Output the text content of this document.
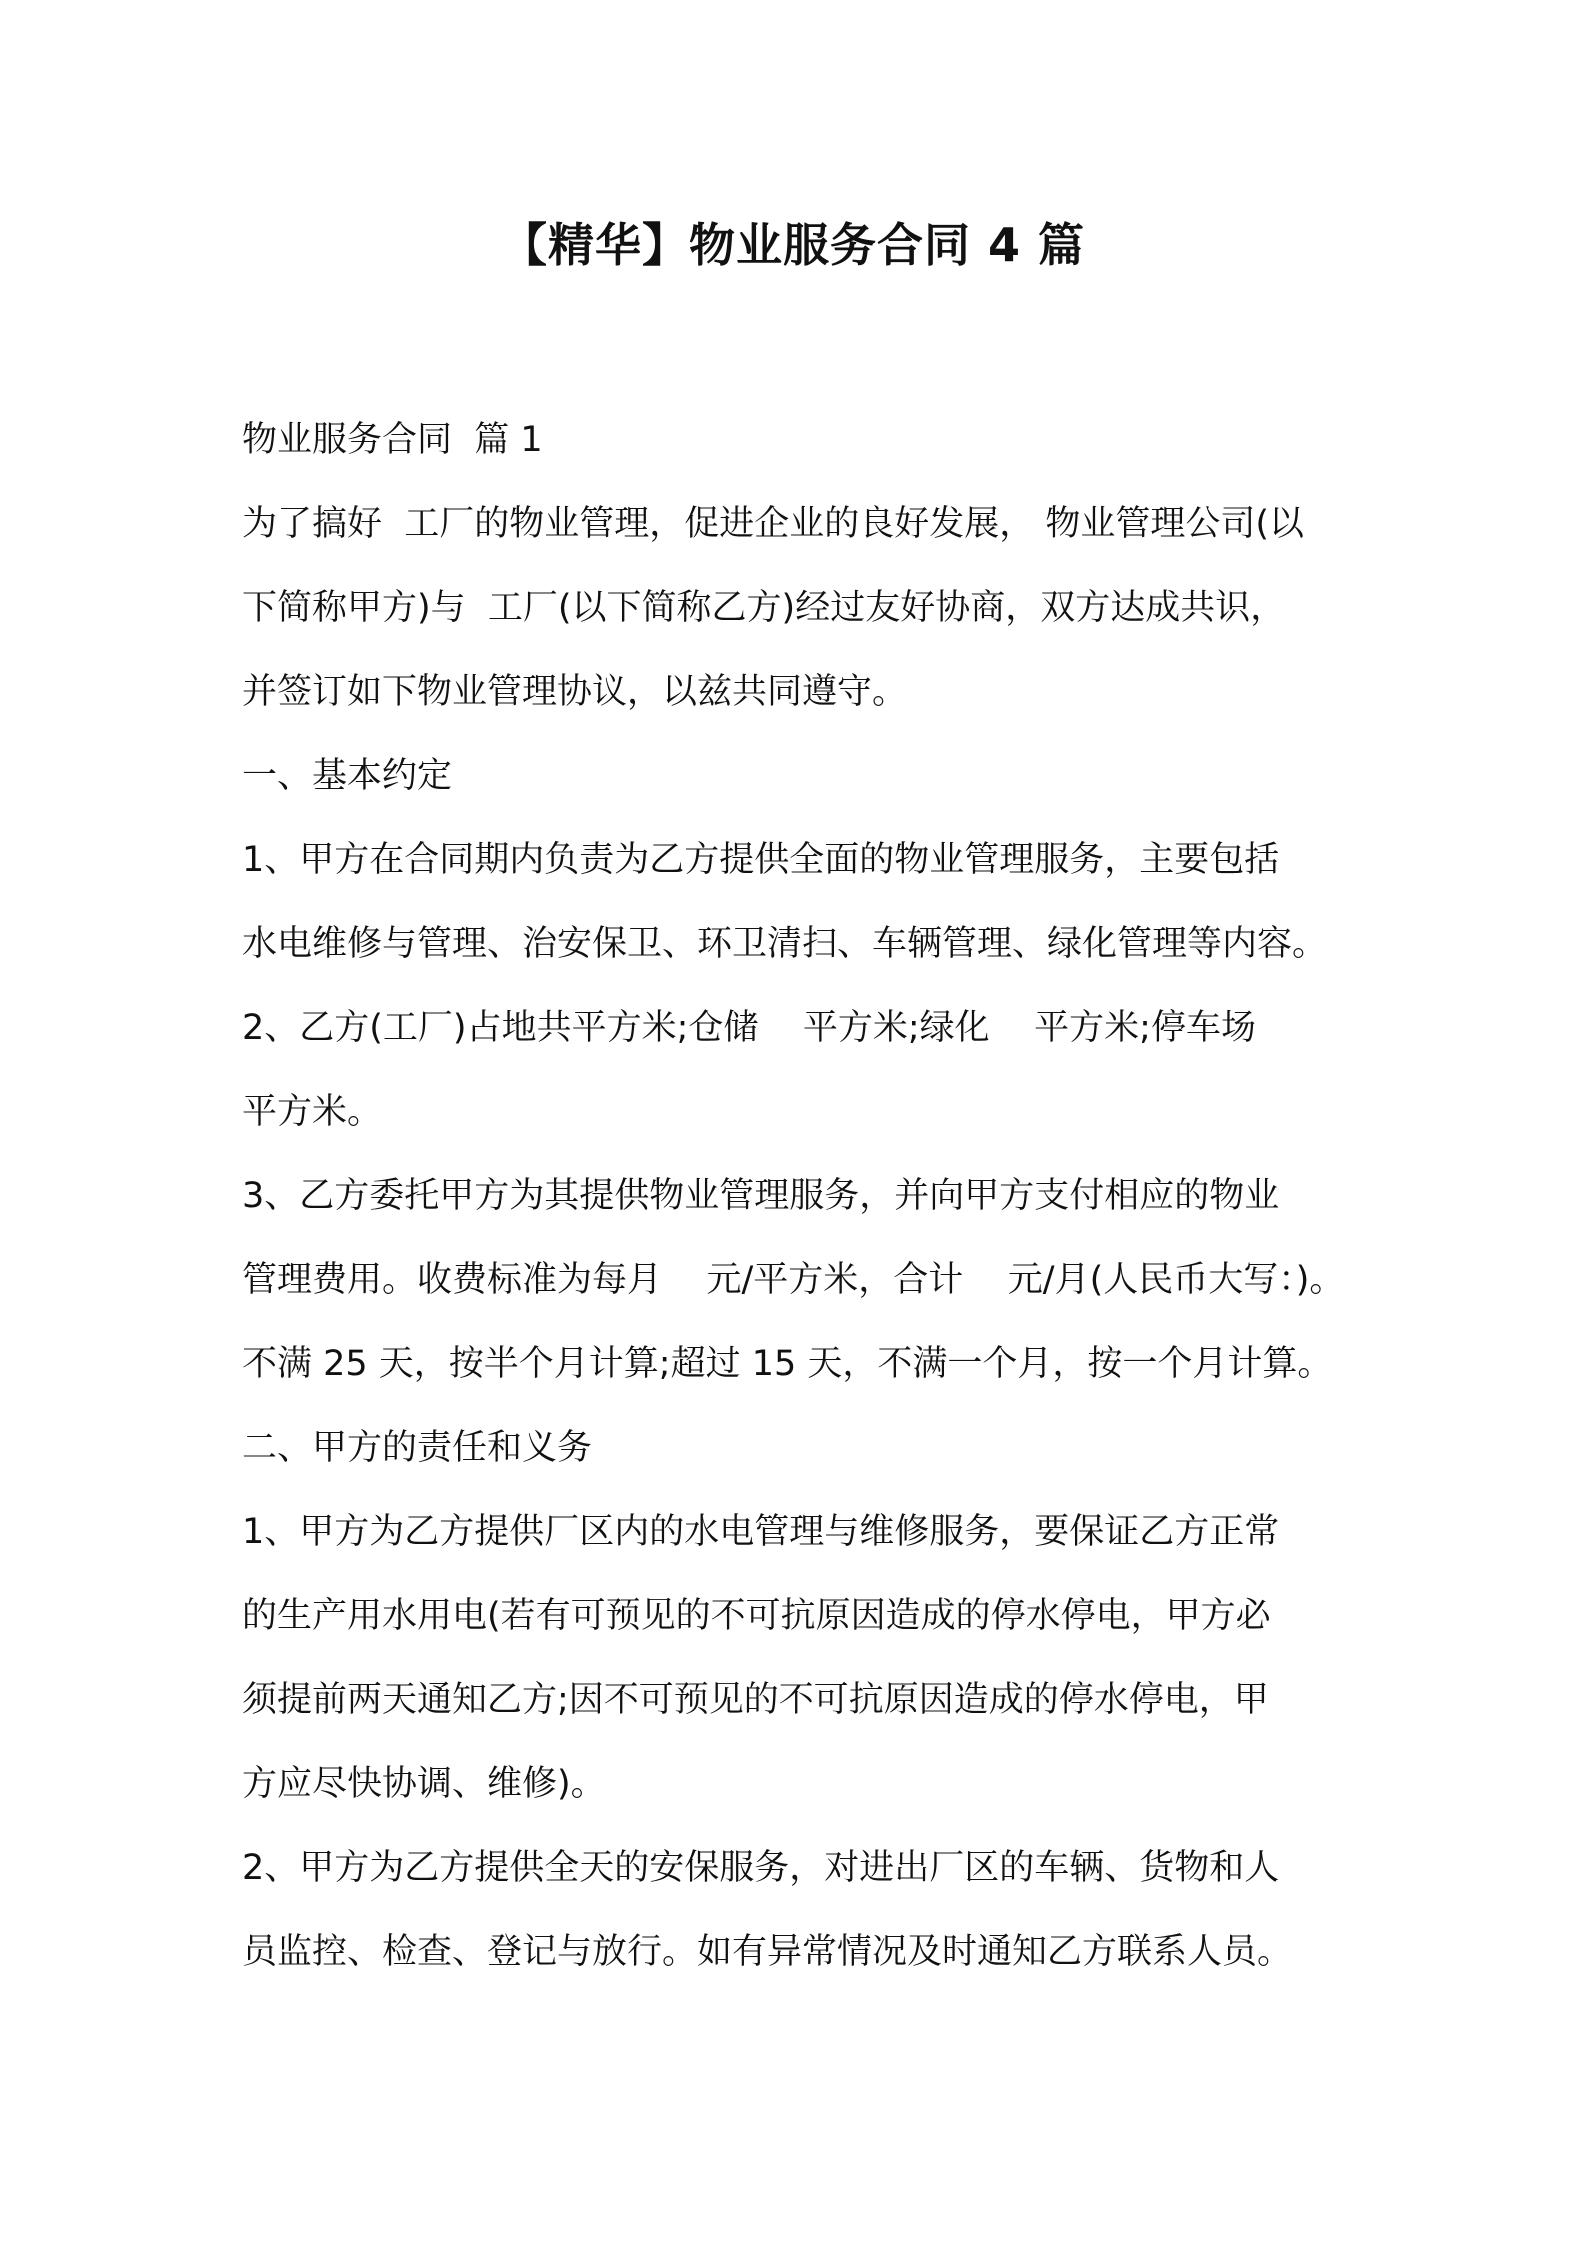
【精华】物业服务合同 4 篇
物业服务合同  篇 1
为了搞好  工厂的物业管理，促进企业的良好发展， 物业管理公司(以
下简称甲方)与  工厂(以下简称乙方)经过友好协商，双方达成共识，
并签订如下物业管理协议，以兹共同遵守。
一、基本约定
1、甲方在合同期内负责为乙方提供全面的物业管理服务，主要包括
水电维修与管理、治安保卫、环卫清扫、车辆管理、绿化管理等内容。
2、乙方(工厂)占地共平方米;仓储    平方米;绿化    平方米;停车场
平方米。
3、乙方委托甲方为其提供物业管理服务，并向甲方支付相应的物业
管理费用。收费标准为每月    元/平方米，合计    元/月(人民币大写：)。
不满 25 天，按半个月计算;超过 15 天，不满一个月，按一个月计算。
二、甲方的责任和义务
1、甲方为乙方提供厂区内的水电管理与维修服务，要保证乙方正常
的生产用水用电(若有可预见的不可抗原因造成的停水停电，甲方必
须提前两天通知乙方;因不可预见的不可抗原因造成的停水停电，甲
方应尽快协调、维修)。
2、甲方为乙方提供全天的安保服务，对进出厂区的车辆、货物和人
员监控、检查、登记与放行。如有异常情况及时通知乙方联系人员。
